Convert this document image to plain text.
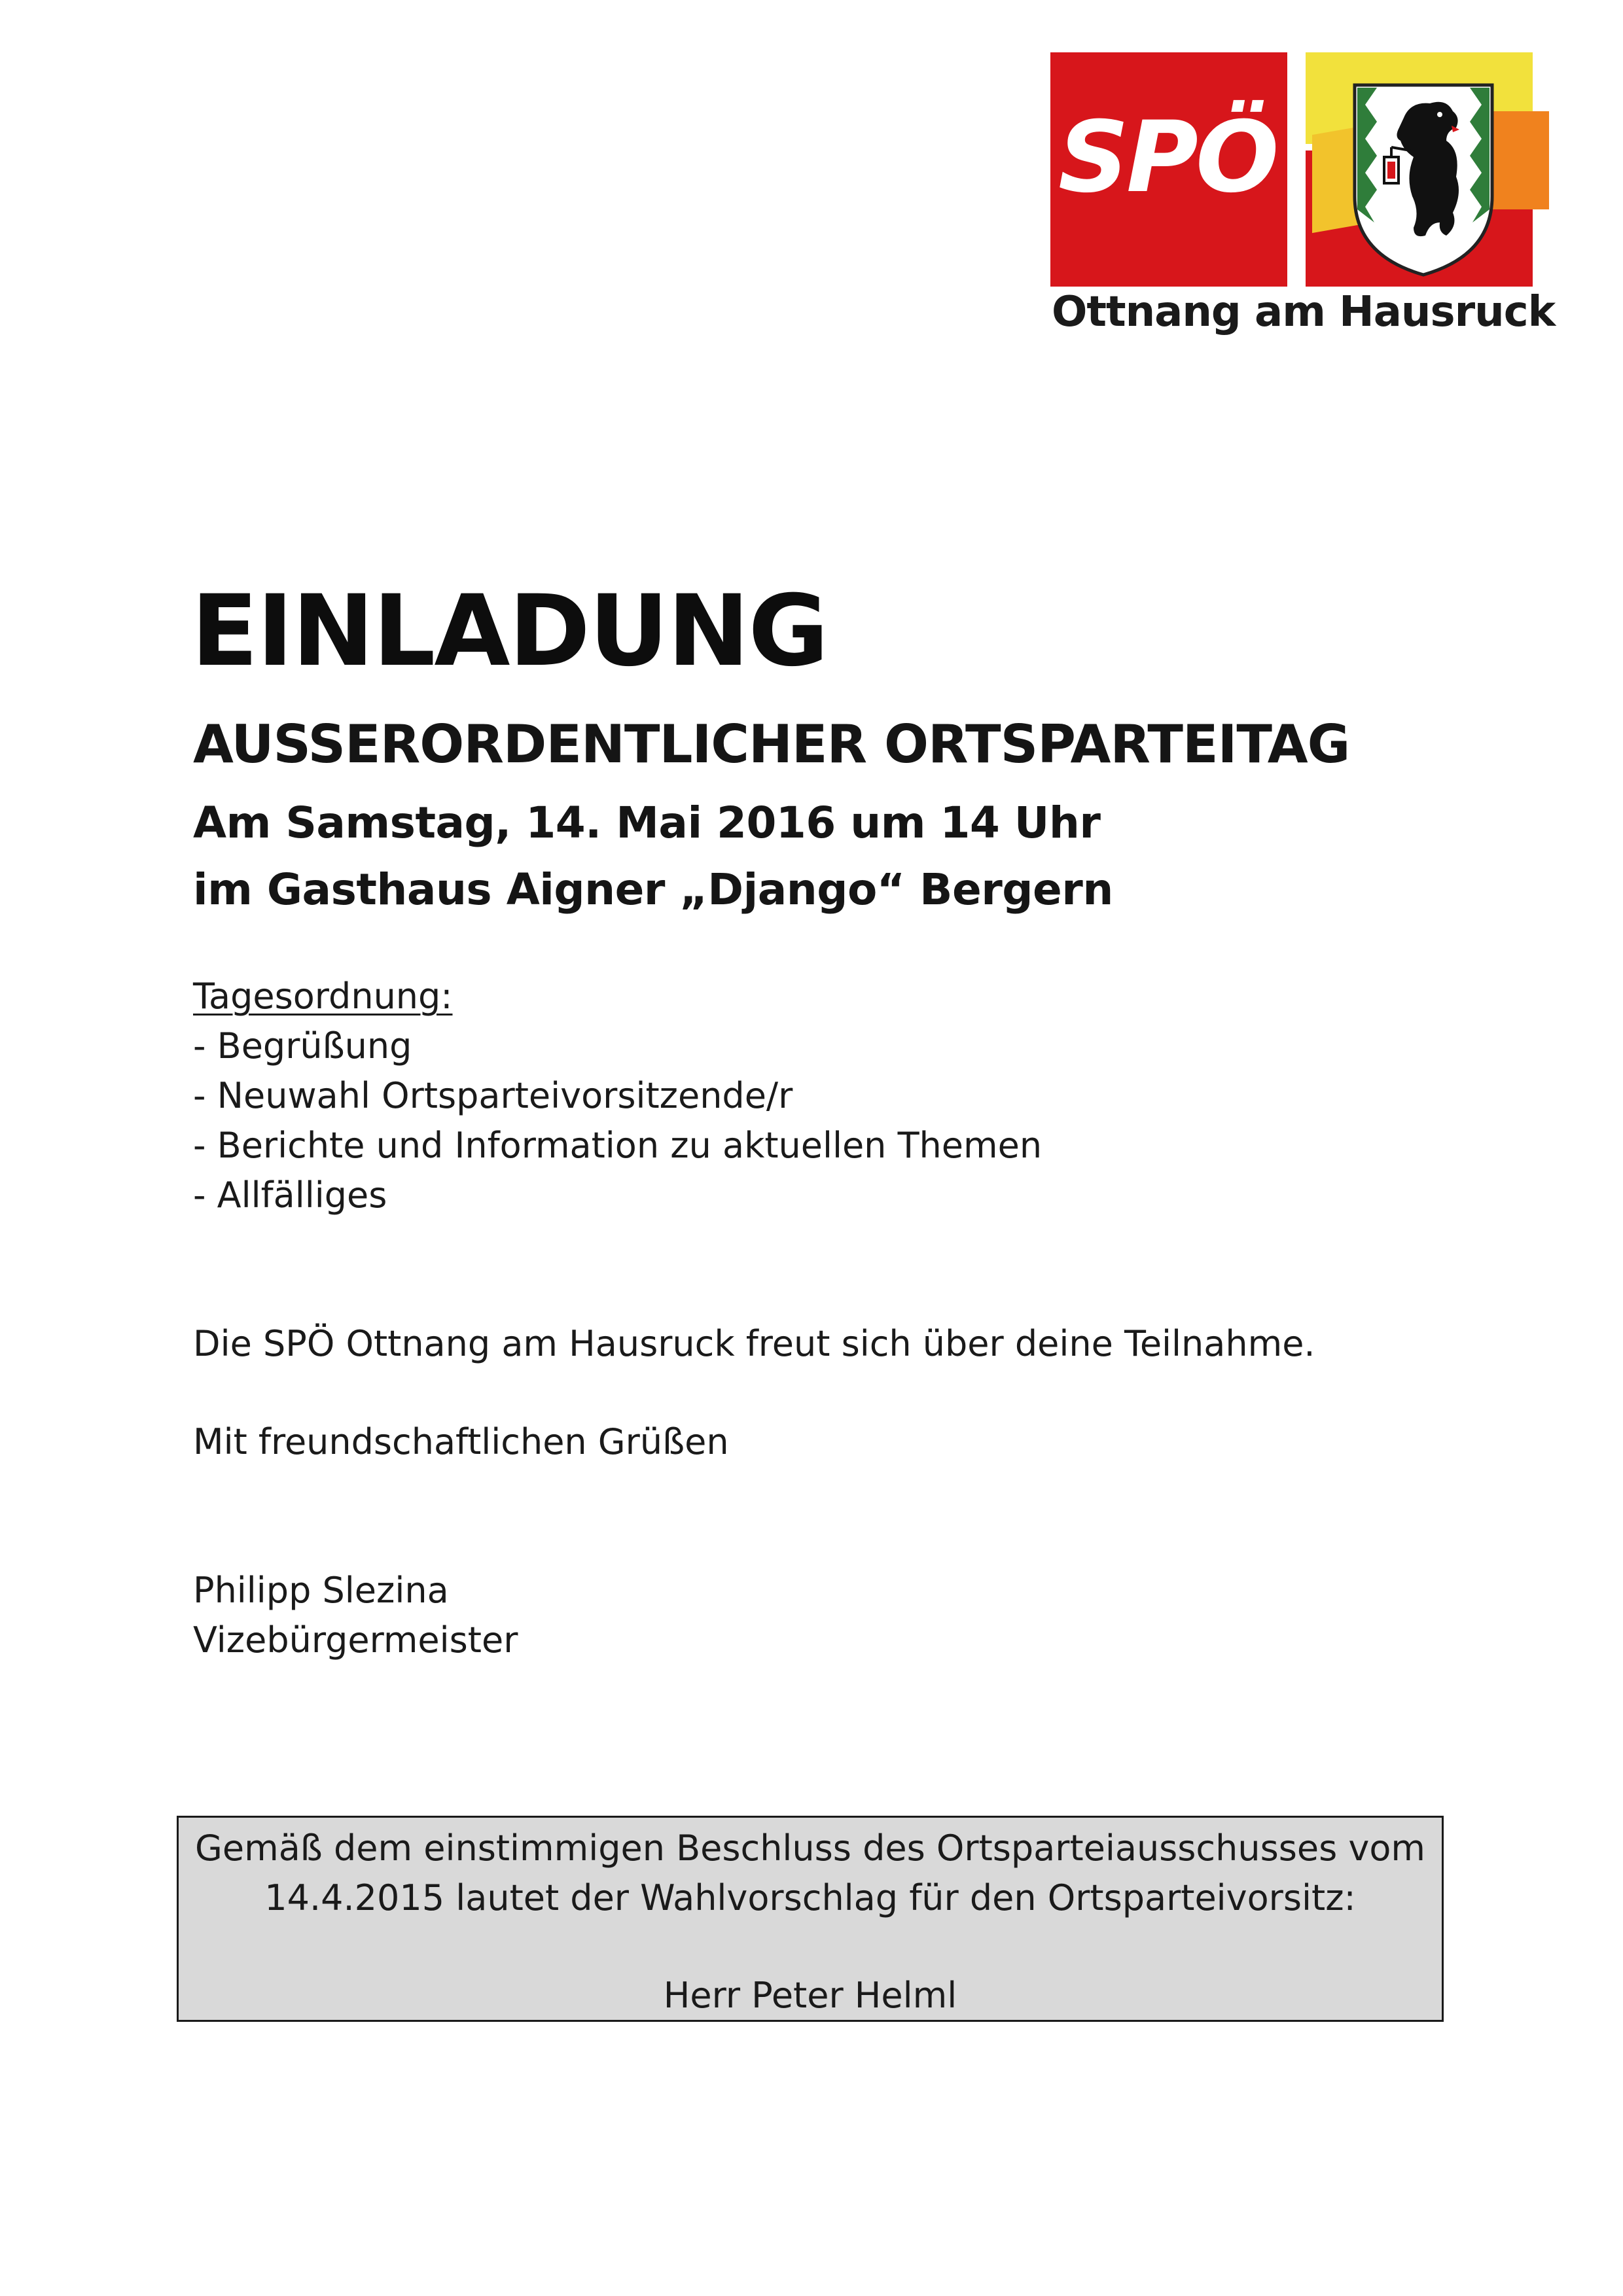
SPÖ
Ottnang am Hausruck
EINLADUNG
AUSSERORDENTLICHER ORTSPARTEITAG
Am Samstag, 14. Mai 2016 um 14 Uhr
im Gasthaus Aigner „Django“ Bergern
Tagesordnung:
- Begrüßung
- Neuwahl Ortsparteivorsitzende/r
- Berichte und Information zu aktuellen Themen
- Allfälliges
Die SPÖ Ottnang am Hausruck freut sich über deine Teilnahme.
Mit freundschaftlichen Grüßen
Philipp Slezina
Vizebürgermeister
Gemäß dem einstimmigen Beschluss des Ortsparteiausschusses vom
14.4.2015 lautet der Wahlvorschlag für den Ortsparteivorsitz:
Herr Peter Helml
